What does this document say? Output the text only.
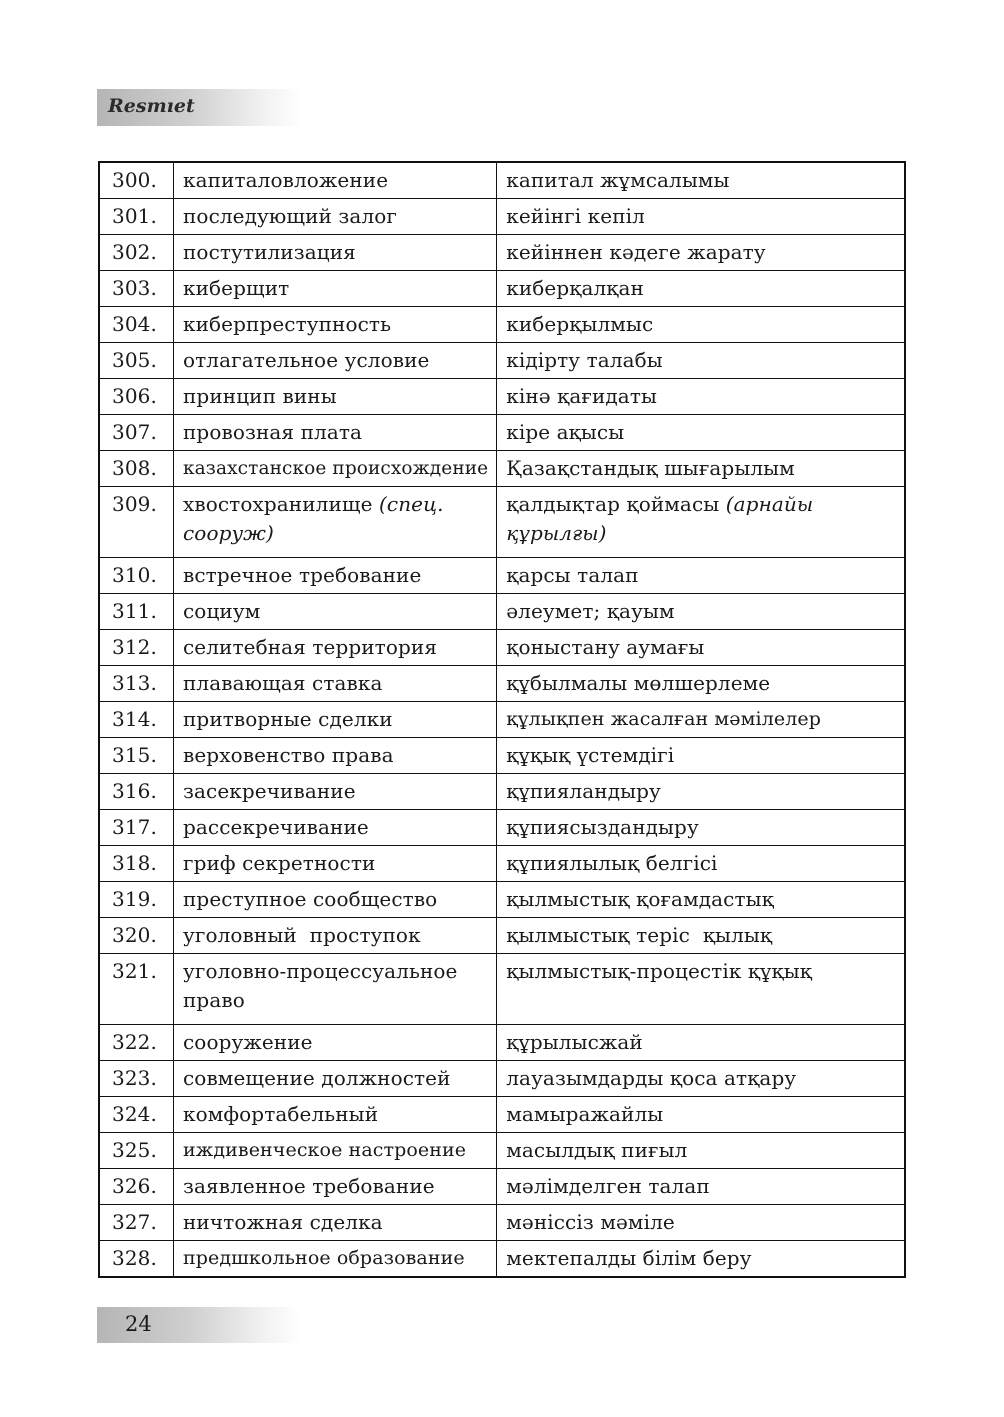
Resmıet
300.	капиталовложение	капитал жұмсалымы
301.	последующий залог	кейінгі кепіл
302.	постутилизация	кейіннен кәдеге жарату
303.	киберщит	киберқалқан
304.	киберпреступность	киберқылмыс
305.	отлагательное условие	кідірту талабы
306.	принцип вины	кінә қағидаты
307.	провозная плата	кіре ақысы
308.	казахстанское происхождение	Қазақстандық шығарылым
309.	хвостохранилище (спец. сооруж)	қалдықтар қоймасы (арнайы құрылғы)
310.	встречное требование	қарсы талап
311.	социум	әлеумет; қауым
312.	селитебная территория	қоныстану аумағы
313.	плавающая ставка	құбылмалы мөлшерлеме
314.	притворные сделки	құлықпен жасалған мәмілелер
315.	верховенство права	құқық үстемдігі
316.	засекречивание	құпияландыру
317.	рассекречивание	құпиясыздандыру
318.	гриф секретности	құпиялылық белгісі
319.	преступное сообщество	қылмыстық қоғамдастық
320.	уголовный  проступок	қылмыстық теріс  қылық
321.	уголовно-процессуальное право	қылмыстық-процестік құқық
322.	сооружение	құрылысжай
323.	совмещение должностей	лауазымдарды қоса атқару
324.	комфортабельный	мамыражайлы
325.	иждивенческое настроение	масылдық пиғыл
326.	заявленное требование	мәлімделген талап
327.	ничтожная сделка	мәніссіз мәміле
328.	предшкольное образование	мектепалды білім беру
24
